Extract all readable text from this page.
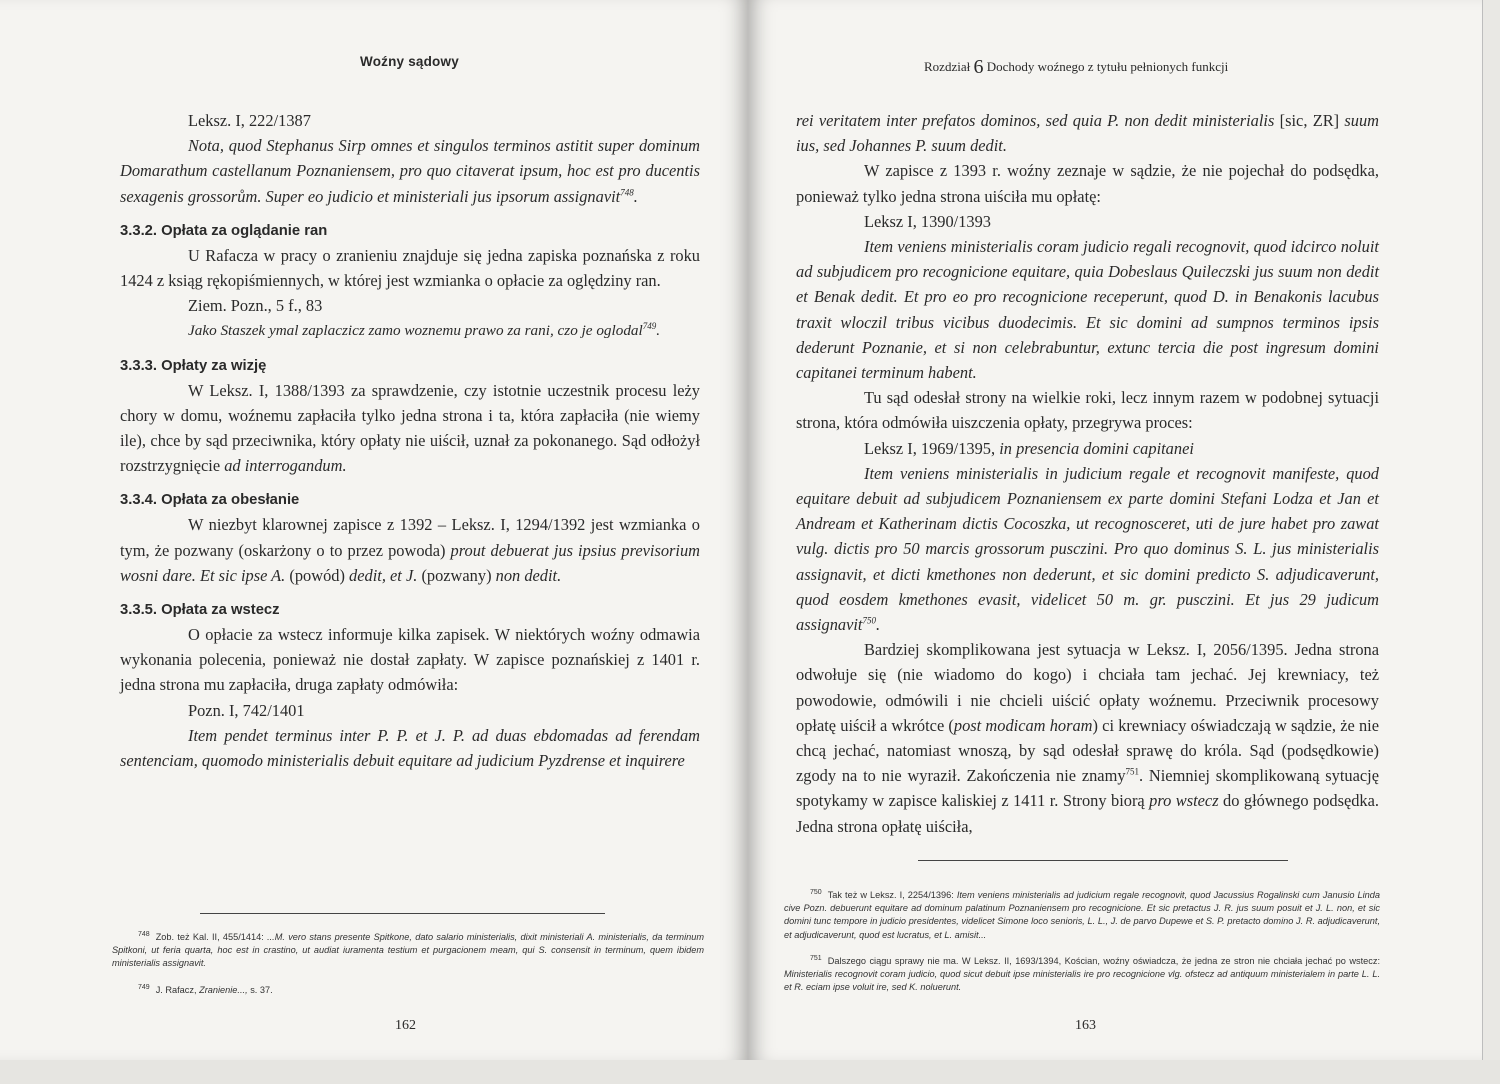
Woźny sądowy

Leksz. I, 222/1387

Nota, quod Stephanus Sirp omnes et singulos terminos astitit super dominum Domarathum castellanum Poznaniensem, pro quo citaverat ipsum, hoc est pro ducentis sexagenis grossorům. Super eo judicio et ministeriali jus ipsorum assignavit$^{748}$.

3.3.2. Opłata za oglądanie ran

U Rafacza w pracy o zranieniu znajduje się jedna zapiska poznańska z roku 1424 z ksiąg rękopiśmiennych, w której jest wzmianka o opłacie za oględziny ran.

Ziem. Pozn., 5 f., 83

Jako Staszek ymal zaplaczicz zamo woznemu prawo za rani, czo je oglodal$^{749}$.

3.3.3. Opłaty za wizję

W Leksz. I, 1388/1393 za sprawdzenie, czy istotnie uczestnik procesu leży chory w domu, woźnemu zapłaciła tylko jedna strona i ta, która zapłaciła (nie wiemy ile), chce by sąd przeciwnika, który opłaty nie uiścił, uznał za pokonanego. Sąd odłożył rozstrzygnięcie ad interrogandum.

3.3.4. Opłata za obesłanie

W niezbyt klarownej zapisce z 1392 – Leksz. I, 1294/1392 jest wzmianka o tym, że pozwany (oskarżony o to przez powoda) prout debuerat jus ipsius previsorium wosni dare. Et sic ipse A. (powód) dedit, et J. (pozwany) non dedit.

3.3.5. Opłata za wstecz

O opłacie za wstecz informuje kilka zapisek. W niektórych woźny odmawia wykonania polecenia, ponieważ nie dostał zapłaty. W zapisce poznańskiej z 1401 r. jedna strona mu zapłaciła, druga zapłaty odmówiła:

Pozn. I, 742/1401

Item pendet terminus inter P. P. et J. P. ad duas ebdomadas ad ferendam sentenciam, quomodo ministerialis debuit equitare ad judicium Pyzdrense et inquirere

$^{748}$ Zob. też Kal. II, 455/1414: ...M. vero stans presente Spitkone, dato salario ministerialis, dixit ministeriali A. ministerialis, da terminum Spitkoni, ut feria quarta, hoc est in crastino, ut audiat iuramenta testium et purgacionem meam, qui S. consensit in terminum, quem ibidem ministerialis assignavit.

$^{749}$ J. Rafacz, Zranienie..., s. 37.

162
Rozdział 6 Dochody woźnego z tytułu pełnionych funkcji

rei veritatem inter prefatos dominos, sed quia P. non dedit ministerialis [sic, ZR] suum ius, sed Johannes P. suum dedit.

W zapisce z 1393 r. woźny zeznaje w sądzie, że nie pojechał do podsędka, ponieważ tylko jedna strona uiściła mu opłatę:

Leksz I, 1390/1393

Item veniens ministerialis coram judicio regali recognovit, quod idcirco noluit ad subjudicem pro recognicione equitare, quia Dobeslaus Quileczski jus suum non dedit et Benak dedit. Et pro eo pro recognicione receperunt, quod D. in Benakonis lacubus traxit wloczil tribus vicibus duodecimis. Et sic domini ad sumpnos terminos ipsis dederunt Poznanie, et si non celebrabuntur, extunc tercia die post ingresum domini capitanei terminum habent.

Tu sąd odesłał strony na wielkie roki, lecz innym razem w podobnej sytuacji strona, która odmówiła uiszczenia opłaty, przegrywa proces:

Leksz I, 1969/1395, in presencia domini capitanei

Item veniens ministerialis in judicium regale et recognovit manifeste, quod equitare debuit ad subjudicem Poznaniensem ex parte domini Stefani Lodza et Jan et Andream et Katherinam dictis Cocoszka, ut recognosceret, uti de jure habet pro zawat vulg. dictis pro 50 marcis grossorum pusczini. Pro quo dominus S. L. jus ministerialis assignavit, et dicti kmethones non dederunt, et sic domini predicto S. adjudicaverunt, quod eosdem kmethones evasit, videlicet 50 m. gr. pusczini. Et jus 29 judicum assignavit$^{750}$.

Bardziej skomplikowana jest sytuacja w Leksz. I, 2056/1395. Jedna strona odwołuje się (nie wiadomo do kogo) i chciała tam jechać. Jej krewniacy, też powodowie, odmówili i nie chcieli uiścić opłaty woźnemu. Przeciwnik procesowy opłatę uiścił a wkrótce (post modicam horam) ci krewniacy oświadczają w sądzie, że nie chcą jechać, natomiast wnoszą, by sąd odesłał sprawę do króla. Sąd (podsędkowie) zgody na to nie wyraził. Zakończenia nie znamy$^{751}$. Niemniej skomplikowaną sytuację spotykamy w zapisce kaliskiej z 1411 r. Strony biorą pro wstecz do głównego podsędka. Jedna strona opłatę uiściła,

$^{750}$ Tak też w Leksz. I, 2254/1396: Item veniens ministerialis ad judicium regale recognovit, quod Jacussius Rogalinski cum Janusio Linda cive Pozn. debuerunt equitare ad dominum palatinum Poznaniensem pro recognicione. Et sic pretactus J. R. jus suum posuit et J. L. non, et sic domini tunc tempore in judicio presidentes, videlicet Simone loco senioris, L. L., J. de parvo Dupewe et S. P. pretacto domino J. R. adjudicaverunt, et adjudicaverunt, quod est lucratus, et L. amisit...

$^{751}$ Dalszego ciągu sprawy nie ma. W Leksz. II, 1693/1394, Kościan, woźny oświadcza, że jedna ze stron nie chciała jechać po wstecz: Ministerialis recognovit coram judicio, quod sicut debuit ipse ministerialis ire pro recognicione vlg. ofstecz ad antiquum ministerialem in parte L. L. et R. eciam ipse voluit ire, sed K. noluerunt.

163
